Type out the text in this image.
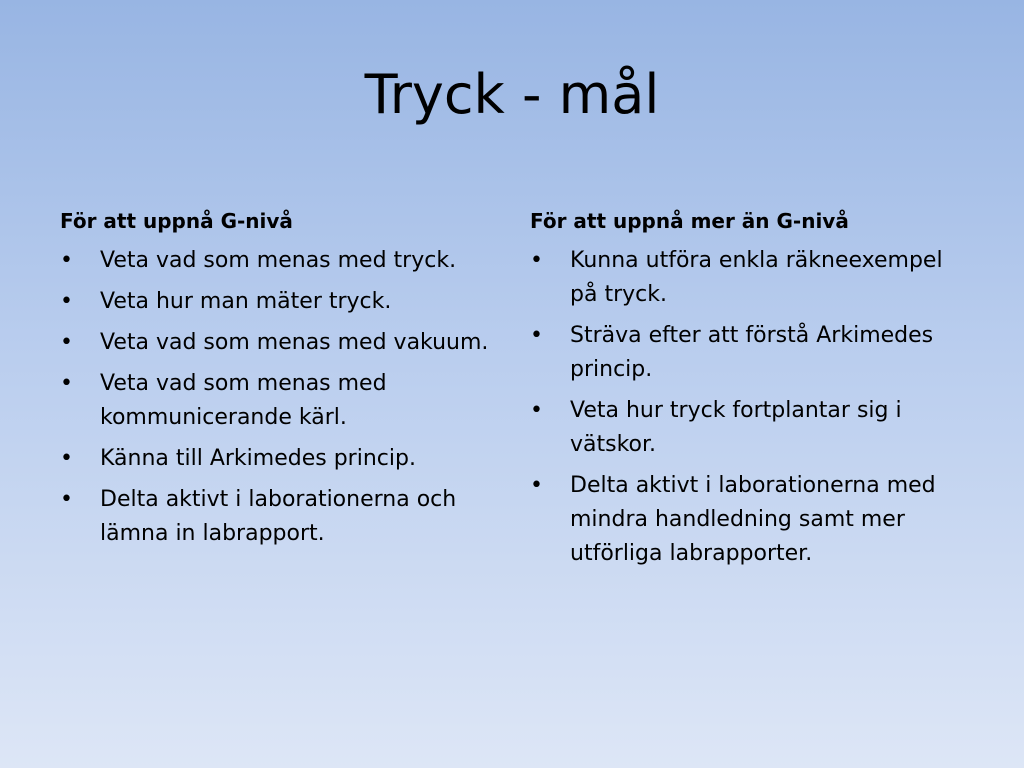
Tryck - mål
För att uppnå G-nivå
•	Veta vad som menas med tryck.
•	Veta hur man mäter tryck.
•	Veta vad som menas med vakuum.
•	Veta vad som menas med kommunicerande kärl.
•	Känna till Arkimedes princip.
•	Delta aktivt i laborationerna och lämna in labrapport.
För att uppnå mer än G-nivå
•	Kunna utföra enkla räkneexempel på tryck.
•	Sträva efter att förstå Arkimedes princip.
•	Veta hur tryck fortplantar sig i vätskor.
•	Delta aktivt i laborationerna med mindra handledning samt mer utförliga labrapporter.
